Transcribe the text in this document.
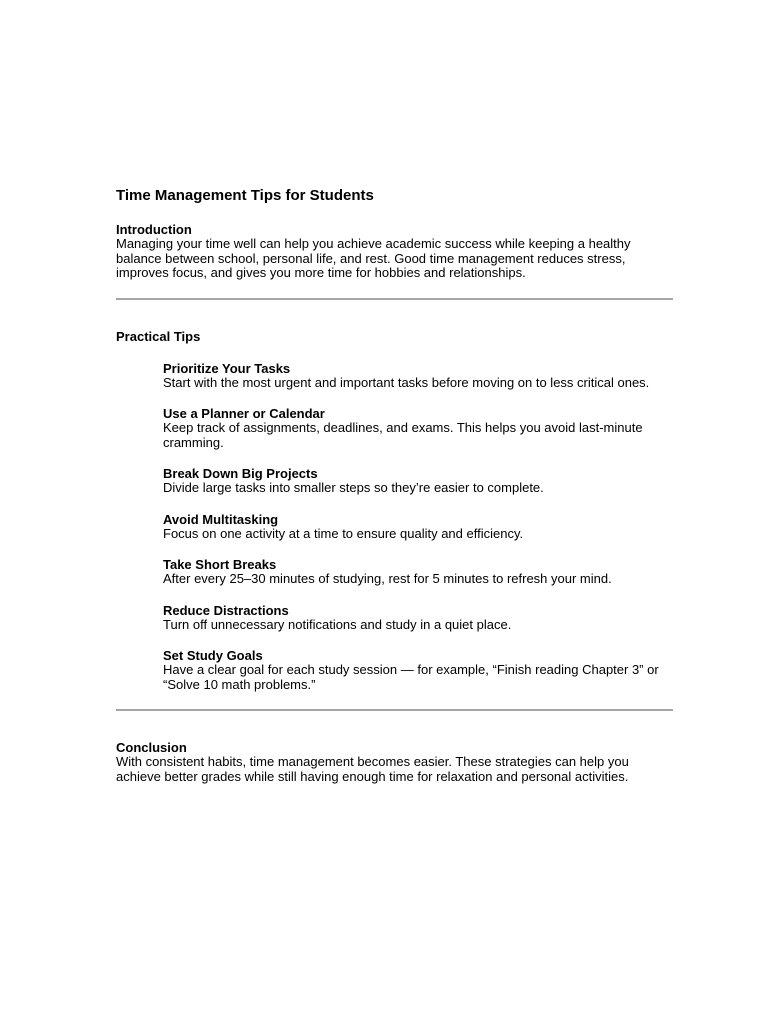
Time Management Tips for Students
Introduction

Managing your time well can help you achieve academic success while keeping a healthy balance between school, personal life, and rest. Good time management reduces stress, improves focus, and gives you more time for hobbies and relationships.

Practical Tips
Prioritize Your Tasks
Start with the most urgent and important tasks before moving on to less critical ones.
Use a Planner or Calendar
Keep track of assignments, deadlines, and exams. This helps you avoid last-minute cramming.
Break Down Big Projects
Divide large tasks into smaller steps so they’re easier to complete.
Avoid Multitasking
Focus on one activity at a time to ensure quality and efficiency.
Take Short Breaks
After every 25–30 minutes of studying, rest for 5 minutes to refresh your mind.
Reduce Distractions
Turn off unnecessary notifications and study in a quiet place.
Set Study Goals
Have a clear goal for each study session — for example, “Finish reading Chapter 3” or “Solve 10 math problems.”
Conclusion

With consistent habits, time management becomes easier. These strategies can help you achieve better grades while still having enough time for relaxation and personal activities.
